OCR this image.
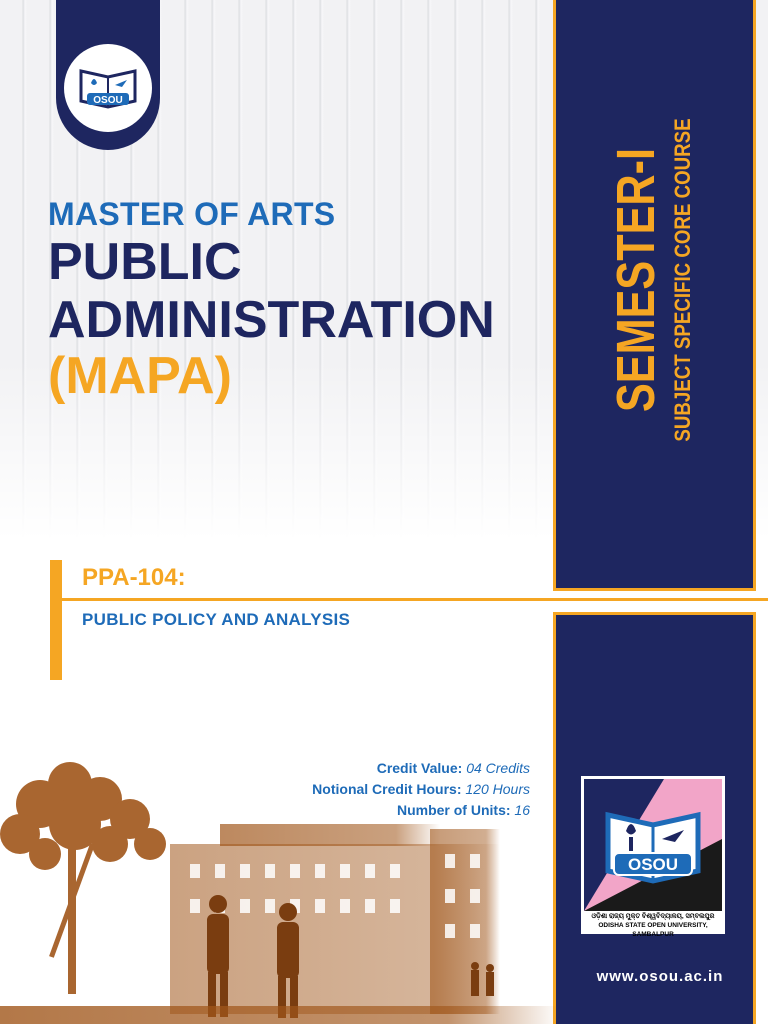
OSOU
MASTER OF ARTS
PUBLIC
ADMINISTRATION
(MAPA)	SEMESTER-I SUBJECT SPECIFIC CORE COURSE
PPA-104:
PUBLIC POLICY AND ANALYSIS
Credit Value: 04 Credits
Notional Credit Hours: 120 Hours
Number of Units: 16
OSOU
ଓଡ଼ିଶା ରାଜ୍ୟ ମୁକ୍ତ ବିଶ୍ୱବିଦ୍ୟାଳୟ, ସମ୍ବଲପୁର
ODISHA STATE OPEN UNIVERSITY, SAMBALPUR
www.osou.ac.in
